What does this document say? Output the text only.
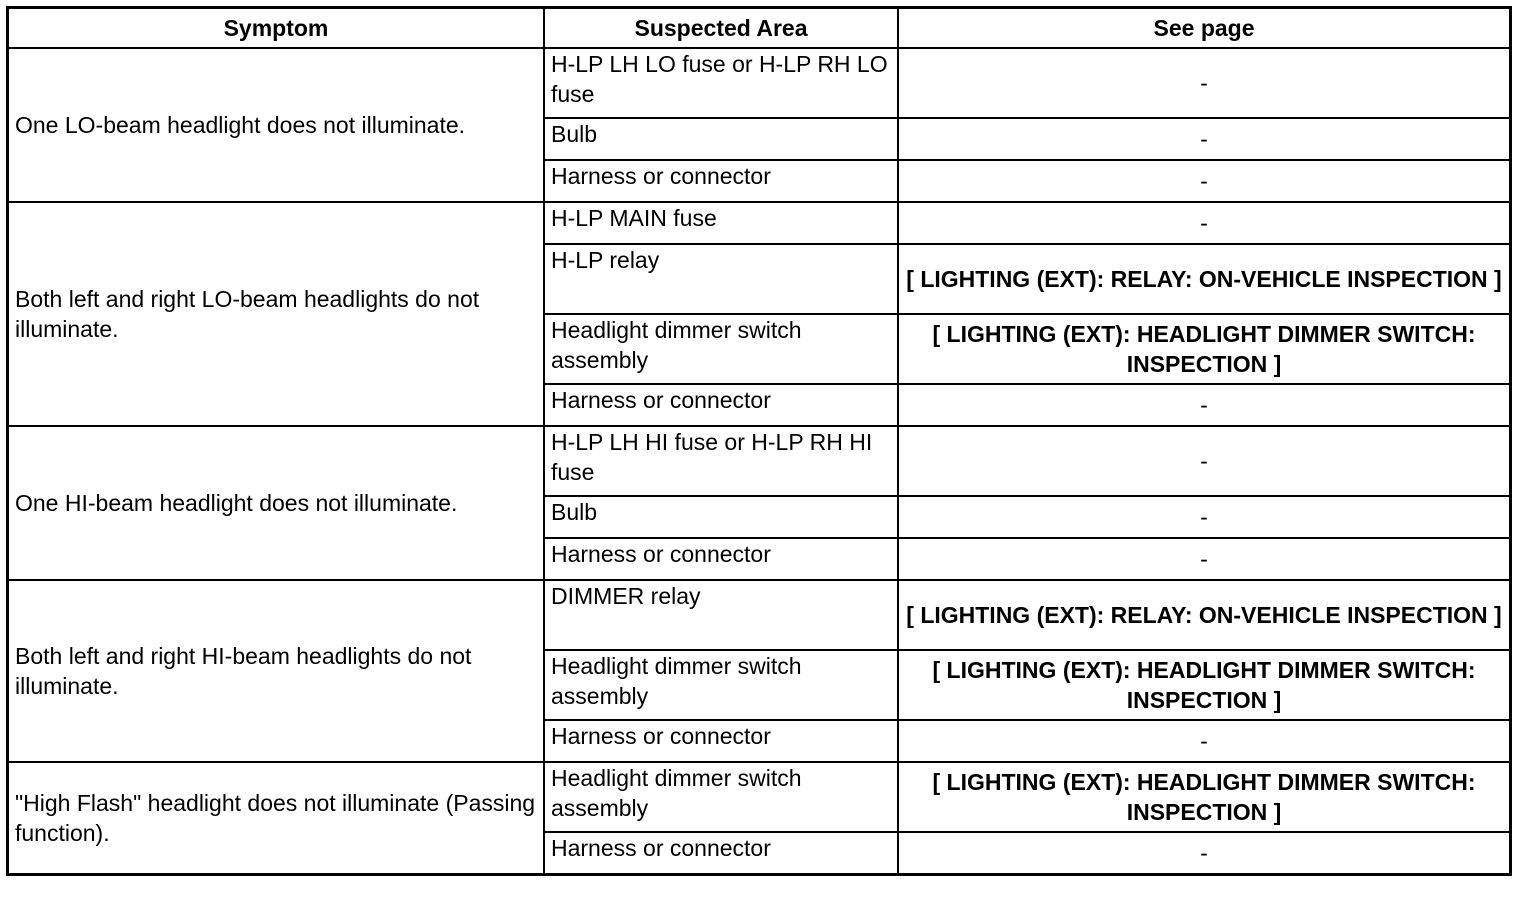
Symptom	Suspected Area	See page
One LO-beam headlight does not illuminate.	H-LP LH LO fuse or H-LP RH LO fuse	-
	Bulb	-
	Harness or connector	-
Both left and right LO-beam headlights do not illuminate.	H-LP MAIN fuse	-
	H-LP relay	[ LIGHTING (EXT): RELAY: ON-VEHICLE INSPECTION ]
	Headlight dimmer switch assembly	[ LIGHTING (EXT): HEADLIGHT DIMMER SWITCH: INSPECTION ]
	Harness or connector	-
One HI-beam headlight does not illuminate.	H-LP LH HI fuse or H-LP RH HI fuse	-
	Bulb	-
	Harness or connector	-
Both left and right HI-beam headlights do not illuminate.	DIMMER relay	[ LIGHTING (EXT): RELAY: ON-VEHICLE INSPECTION ]
	Headlight dimmer switch assembly	[ LIGHTING (EXT): HEADLIGHT DIMMER SWITCH: INSPECTION ]
	Harness or connector	-
"High Flash" headlight does not illuminate (Passing function).	Headlight dimmer switch assembly	[ LIGHTING (EXT): HEADLIGHT DIMMER SWITCH: INSPECTION ]
	Harness or connector	-
